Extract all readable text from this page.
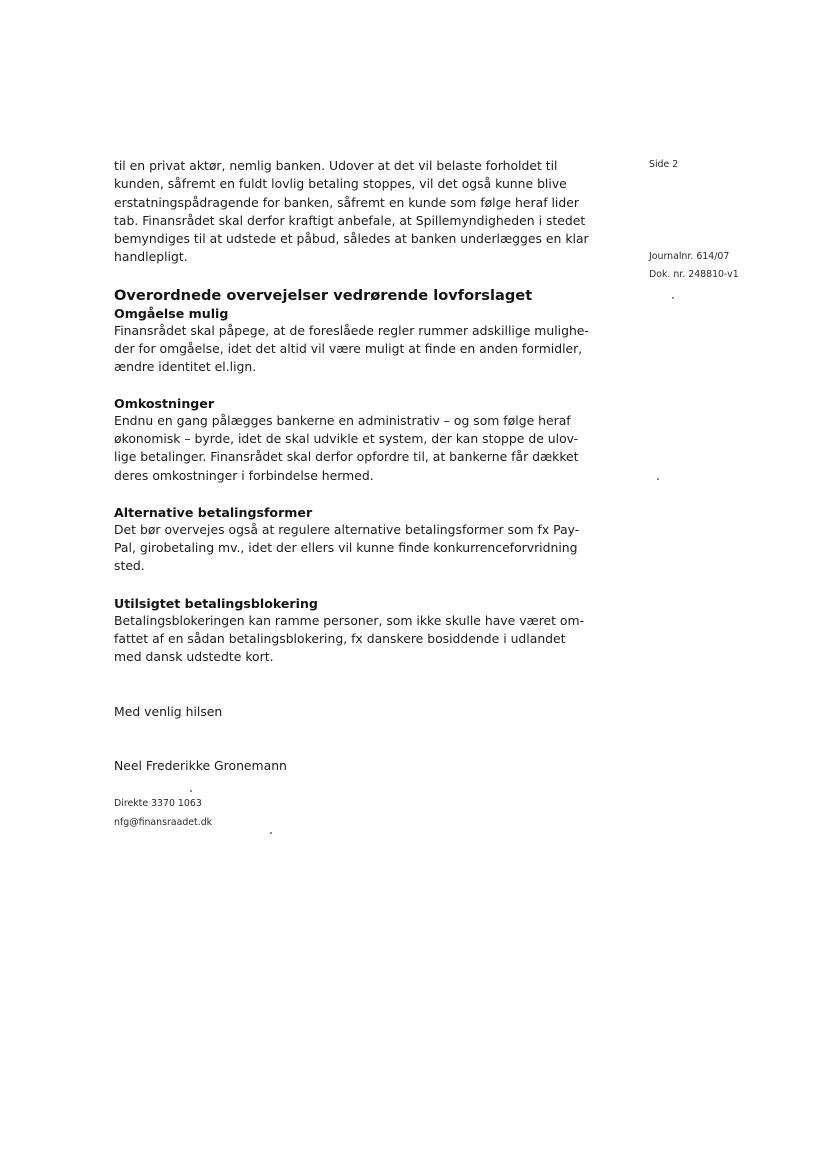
Side 2
Journalnr. 614/07
Dok. nr. 248810-v1

til en privat aktør, nemlig banken. Udover at det vil belaste forholdet til
kunden, såfremt en fuldt lovlig betaling stoppes, vil det også kunne blive
erstatningspådragende for banken, såfremt en kunde som følge heraf lider
tab. Finansrådet skal derfor kraftigt anbefale, at Spillemyndigheden i stedet
bemyndiges til at udstede et påbud, således at banken underlægges en klar
handlepligt.

Overordnede overvejelser vedrørende lovforslaget
Omgåelse mulig

Finansrådet skal påpege, at de foreslåede regler rummer adskillige mulighe-
der for omgåelse, idet det altid vil være muligt at finde en anden formidler,
ændre identitet el.lign.

Omkostninger

Endnu en gang pålægges bankerne en administrativ – og som følge heraf
økonomisk – byrde, idet de skal udvikle et system, der kan stoppe de ulov-
lige betalinger. Finansrådet skal derfor opfordre til, at bankerne får dækket
deres omkostninger i forbindelse hermed.

Alternative betalingsformer

Det bør overvejes også at regulere alternative betalingsformer som fx Pay-
Pal, girobetaling mv., idet der ellers vil kunne finde konkurrenceforvridning
sted.

Utilsigtet betalingsblokering

Betalingsblokeringen kan ramme personer, som ikke skulle have været om-
fattet af en sådan betalingsblokering, fx danskere bosiddende i udlandet
med dansk udstedte kort.

Med venlig hilsen

Neel Frederikke Gronemann

Direkte 3370 1063

nfg@finansraadet.dk
